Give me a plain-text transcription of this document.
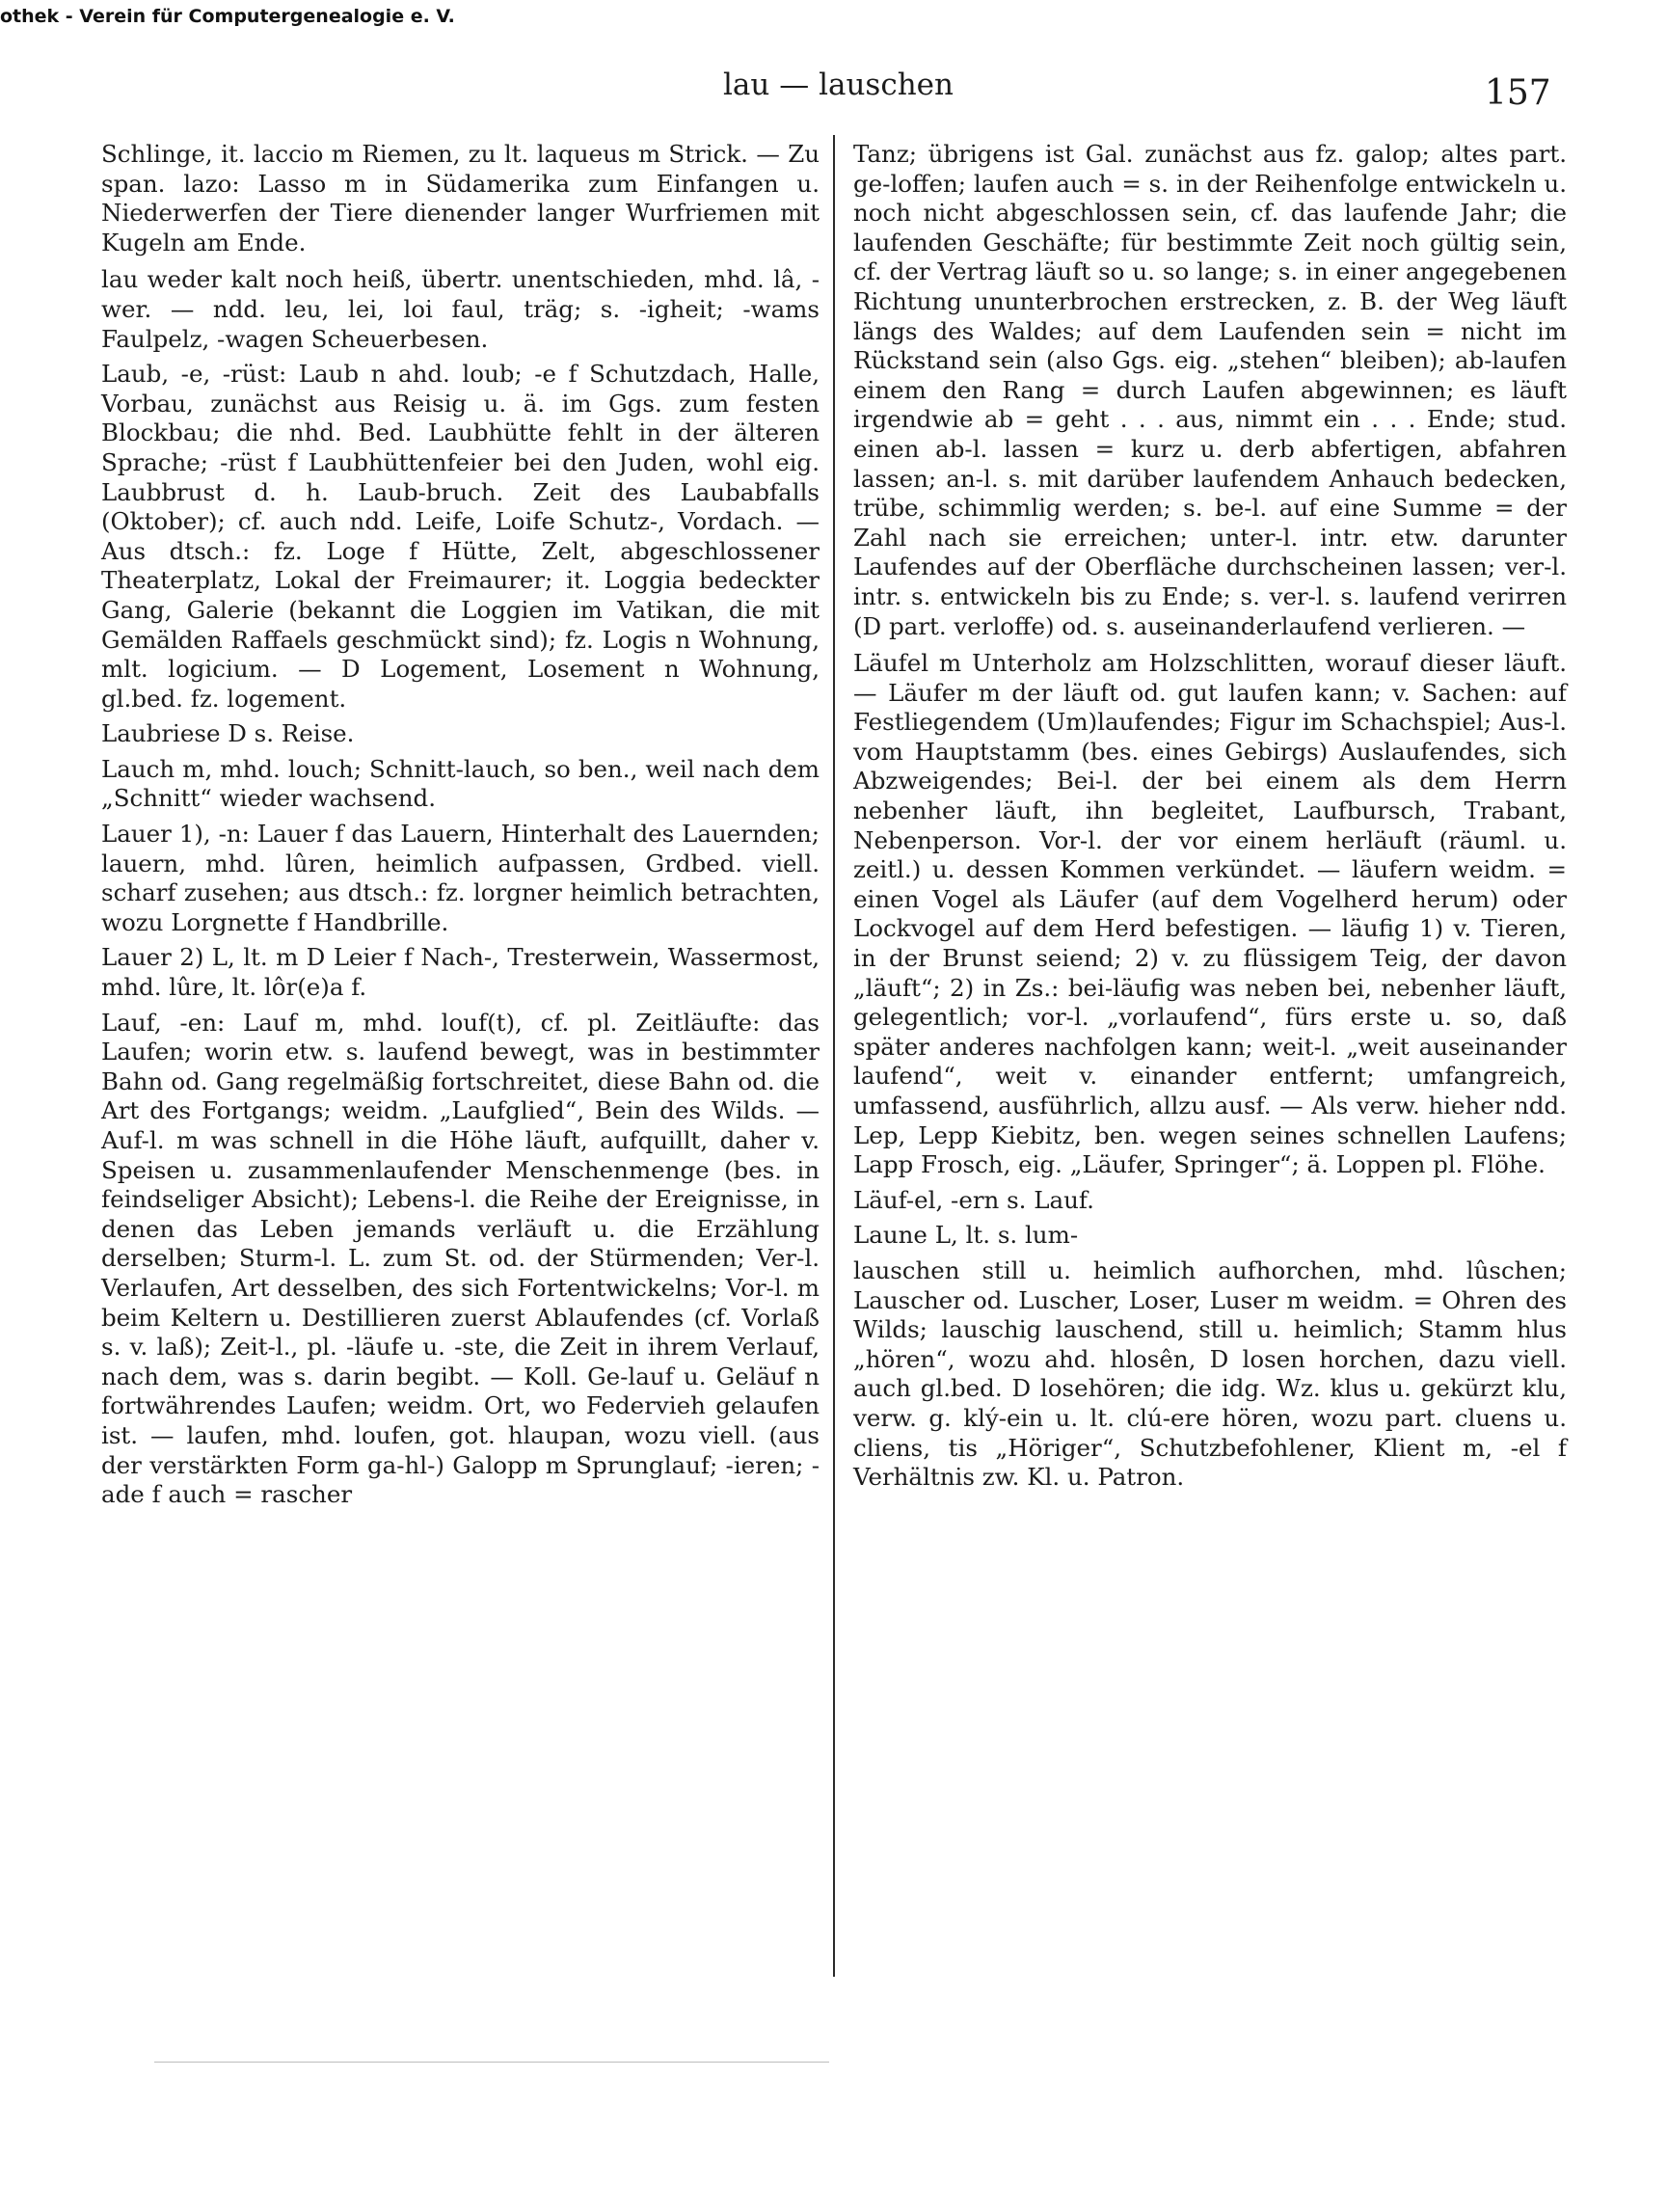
othek - Verein für Computergenealogie e. V.
lau — lauschen	157

Schlinge, it. laccio m Riemen, zu lt. laqueus m Strick. — Zu span. lazo: Lasso m in Südamerika zum Einfangen u. Niederwerfen der Tiere dienender langer Wurfriemen mit Kugeln am Ende.

lau weder kalt noch heiß, übertr. unentschieden, mhd. lâ, -wer. — ndd. leu, lei, loi faul, träg; s. -igheit; -wams Faulpelz, -wagen Scheuerbesen.

Laub, -e, -rüst: Laub n ahd. loub; -e f Schutzdach, Halle, Vorbau, zunächst aus Reisig u. ä. im Ggs. zum festen Blockbau; die nhd. Bed. Laubhütte fehlt in der älteren Sprache; -rüst f Laubhüttenfeier bei den Juden, wohl eig. Laubbrust d. h. Laub-bruch. Zeit des Laubabfalls (Oktober); cf. auch ndd. Leife, Loife Schutz-, Vordach. — Aus dtsch.: fz. Loge f Hütte, Zelt, abgeschlossener Theaterplatz, Lokal der Freimaurer; it. Loggia bedeckter Gang, Galerie (bekannt die Loggien im Vatikan, die mit Gemälden Raffaels geschmückt sind); fz. Logis n Wohnung, mlt. logicium. — D Logement, Losement n Wohnung, gl.bed. fz. logement.

Laubriese D s. Reise.

Lauch m, mhd. louch; Schnitt-lauch, so ben., weil nach dem „Schnitt“ wieder wachsend.

Lauer 1), -n: Lauer f das Lauern, Hinterhalt des Lauernden; lauern, mhd. lûren, heimlich aufpassen, Grdbed. viell. scharf zusehen; aus dtsch.: fz. lorgner heimlich betrachten, wozu Lorgnette f Handbrille.

Lauer 2) L, lt. m D Leier f Nach-, Tresterwein, Wassermost, mhd. lûre, lt. lôr(e)a f.

Lauf, -en: Lauf m, mhd. louf(t), cf. pl. Zeitläufte: das Laufen; worin etw. s. laufend bewegt, was in bestimmter Bahn od. Gang regelmäßig fortschreitet, diese Bahn od. die Art des Fortgangs; weidm. „Laufglied“, Bein des Wilds. — Auf-l. m was schnell in die Höhe läuft, aufquillt, daher v. Speisen u. zusammenlaufender Menschenmenge (bes. in feindseliger Absicht); Lebens-l. die Reihe der Ereignisse, in denen das Leben jemands verläuft u. die Erzählung derselben; Sturm-l. L. zum St. od. der Stürmenden; Ver-l. Verlaufen, Art desselben, des sich Fortentwickelns; Vor-l. m beim Keltern u. Destillieren zuerst Ablaufendes (cf. Vorlaß s. v. laß); Zeit-l., pl. -läufe u. -ste, die Zeit in ihrem Verlauf, nach dem, was s. darin begibt. — Koll. Ge-lauf u. Geläuf n fortwährendes Laufen; weidm. Ort, wo Federvieh gelaufen ist. — laufen, mhd. loufen, got. hlaupan, wozu viell. (aus der verstärkten Form ga-hl-) Galopp m Sprunglauf; -ieren; -ade f auch = rascher

Tanz; übrigens ist Gal. zunächst aus fz. galop; altes part. ge-loffen; laufen auch = s. in der Reihenfolge entwickeln u. noch nicht abgeschlossen sein, cf. das laufende Jahr; die laufenden Geschäfte; für bestimmte Zeit noch gültig sein, cf. der Vertrag läuft so u. so lange; s. in einer angegebenen Richtung ununterbrochen erstrecken, z. B. der Weg läuft längs des Waldes; auf dem Laufenden sein = nicht im Rückstand sein (also Ggs. eig. „stehen“ bleiben); ab-laufen einem den Rang = durch Laufen abgewinnen; es läuft irgendwie ab = geht . . . aus, nimmt ein . . . Ende; stud. einen ab-l. lassen = kurz u. derb abfertigen, abfahren lassen; an-l. s. mit darüber laufendem Anhauch bedecken, trübe, schimmlig werden; s. be-l. auf eine Summe = der Zahl nach sie erreichen; unter-l. intr. etw. darunter Laufendes auf der Oberfläche durchscheinen lassen; ver-l. intr. s. entwickeln bis zu Ende; s. ver-l. s. laufend verirren (D part. verloffe) od. s. auseinanderlaufend verlieren. —

Läufel m Unterholz am Holzschlitten, worauf dieser läuft. — Läufer m der läuft od. gut laufen kann; v. Sachen: auf Festliegendem (Um)laufendes; Figur im Schachspiel; Aus-l. vom Hauptstamm (bes. eines Gebirgs) Auslaufendes, sich Abzweigendes; Bei-l. der bei einem als dem Herrn nebenher läuft, ihn begleitet, Laufbursch, Trabant, Nebenperson. Vor-l. der vor einem herläuft (räuml. u. zeitl.) u. dessen Kommen verkündet. — läufern weidm. = einen Vogel als Läufer (auf dem Vogelherd herum) oder Lockvogel auf dem Herd befestigen. — läufig 1) v. Tieren, in der Brunst seiend; 2) v. zu flüssigem Teig, der davon „läuft“; 2) in Zs.: bei-läufig was neben bei, nebenher läuft, gelegentlich; vor-l. „vorlaufend“, fürs erste u. so, daß später anderes nachfolgen kann; weit-l. „weit auseinander laufend“, weit v. einander entfernt; umfangreich, umfassend, ausführlich, allzu ausf. — Als verw. hieher ndd. Lep, Lepp Kiebitz, ben. wegen seines schnellen Laufens; Lapp Frosch, eig. „Läufer, Springer“; ä. Loppen pl. Flöhe.

Läuf-el, -ern s. Lauf.

Laune L, lt. s. lum-

lauschen still u. heimlich aufhorchen, mhd. lûschen; Lauscher od. Luscher, Loser, Luser m weidm. = Ohren des Wilds; lauschig lauschend, still u. heimlich; Stamm hlus „hören“, wozu ahd. hlosên, D losen horchen, dazu viell. auch gl.bed. D losehören; die idg. Wz. klus u. gekürzt klu, verw. g. klý-ein u. lt. clú-ere hören, wozu part. cluens u. cliens, tis „Höriger“, Schutzbefohlener, Klient m, -el f Verhältnis zw. Kl. u. Patron.
